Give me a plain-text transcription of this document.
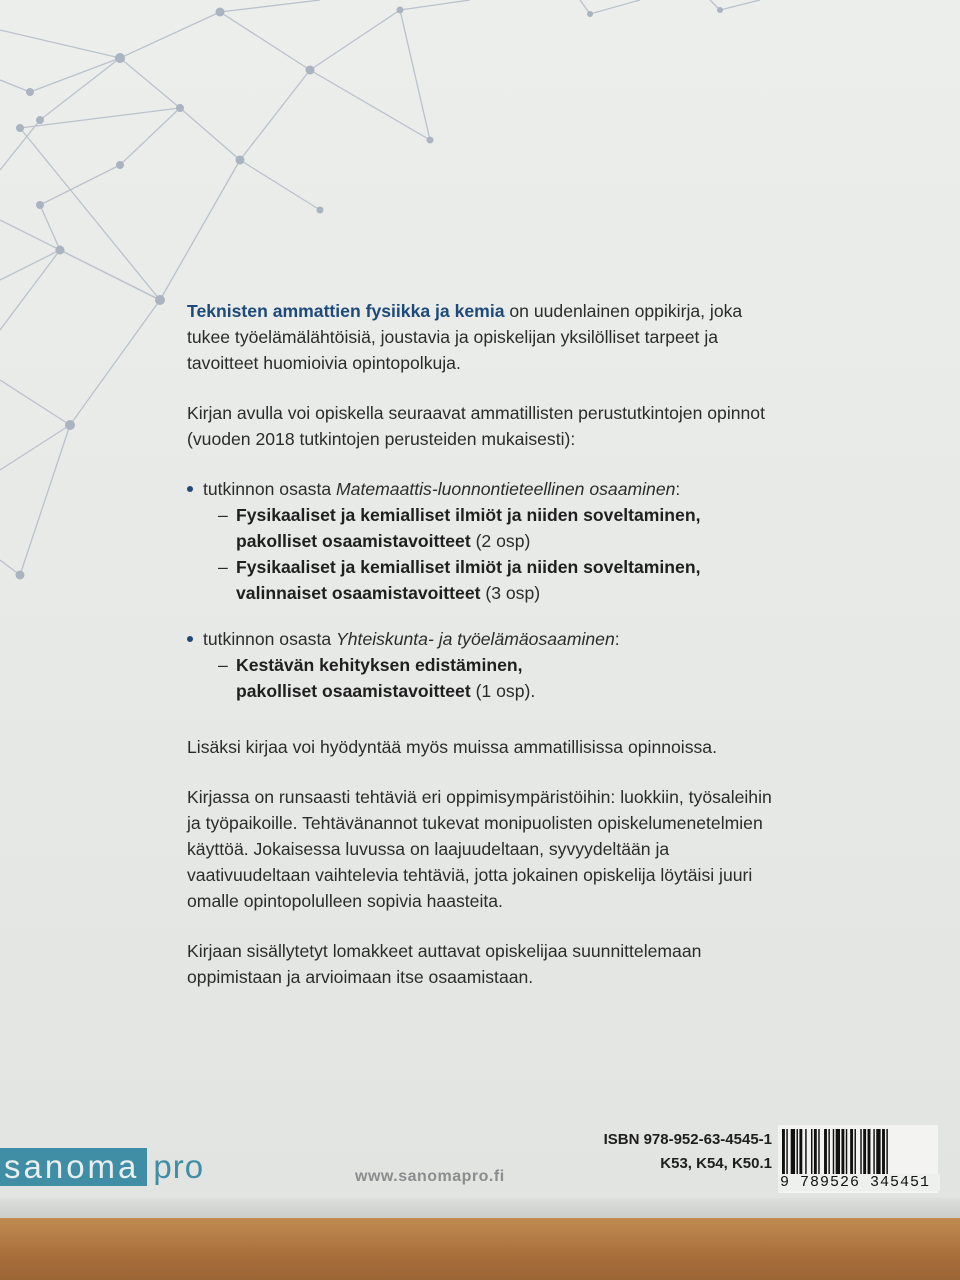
Teknisten ammattien fysiikka ja kemia on uudenlainen oppikirja, joka tukee työelämälähtöisiä, joustavia ja opiskelijan yksilölliset tarpeet ja tavoitteet huomioivia opintopolkuja.

Kirjan avulla voi opiskella seuraavat ammatillisten perustutkintojen opinnot (vuoden 2018 tutkintojen perusteiden mukaisesti):

tutkinnon osasta Matemaattis-luonnontieteellinen osaaminen:
– Fysikaaliset ja kemialliset ilmiöt ja niiden soveltaminen,
pakolliset osaamistavoitteet (2 osp)
– Fysikaaliset ja kemialliset ilmiöt ja niiden soveltaminen,
valinnaiset osaamistavoitteet (3 osp)
tutkinnon osasta Yhteiskunta- ja työelämäosaaminen:
– Kestävän kehityksen edistäminen,
pakolliset osaamistavoitteet (1 osp).

Lisäksi kirjaa voi hyödyntää myös muissa ammatillisissa opinnoissa.

Kirjassa on runsaasti tehtäviä eri oppimisympäristöihin: luokkiin, työsaleihin ja työpaikoille. Tehtävänannot tukevat monipuolisten opiskelumenetelmien käyttöä. Jokaisessa luvussa on laajuudeltaan, syvyydeltään ja vaativuudeltaan vaihtelevia tehtäviä, jotta jokainen opiskelija löytäisi juuri omalle opintopolulleen sopivia haasteita.

Kirjaan sisällytetyt lomakkeet auttavat opiskelijaa suunnittelemaan oppimistaan ja arvioimaan itse osaamistaan.

sanoma pro	www.sanomapro.fi
ISBN 978-952-63-4545-1
K53, K54, K50.1
9 789526 345451
